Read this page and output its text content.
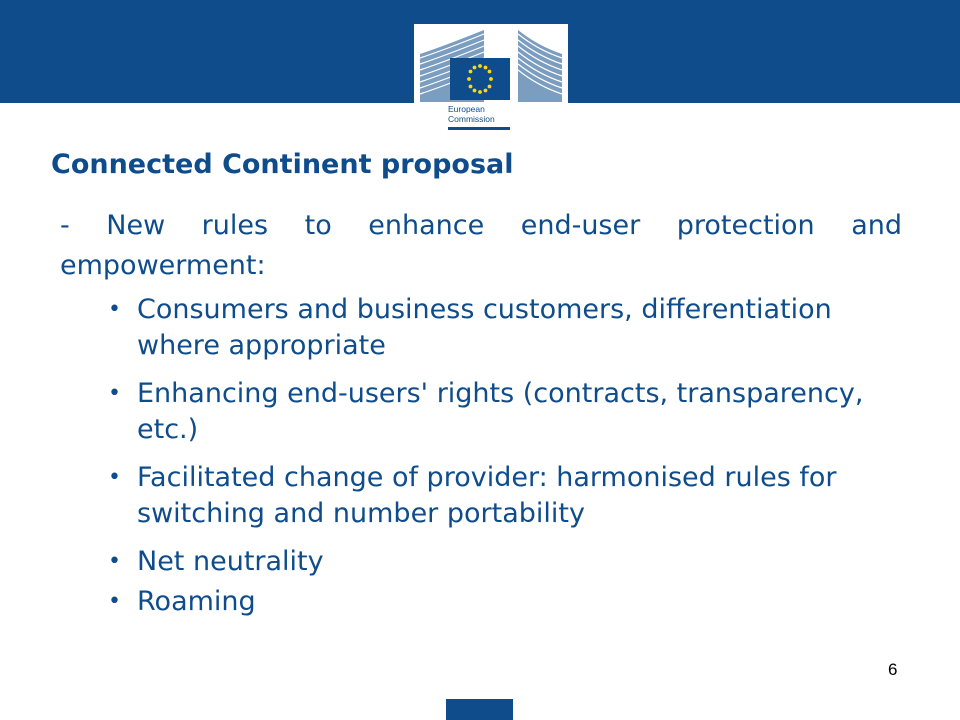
European
Commission
Connected Continent proposal

- New rules to enhance end-user protection and empowerment:

• Consumers and business customers, differentiation where appropriate
• Enhancing end-users' rights (contracts, transparency, etc.)
• Facilitated change of provider: harmonised rules for switching and number portability
• Net neutrality
• Roaming
6
